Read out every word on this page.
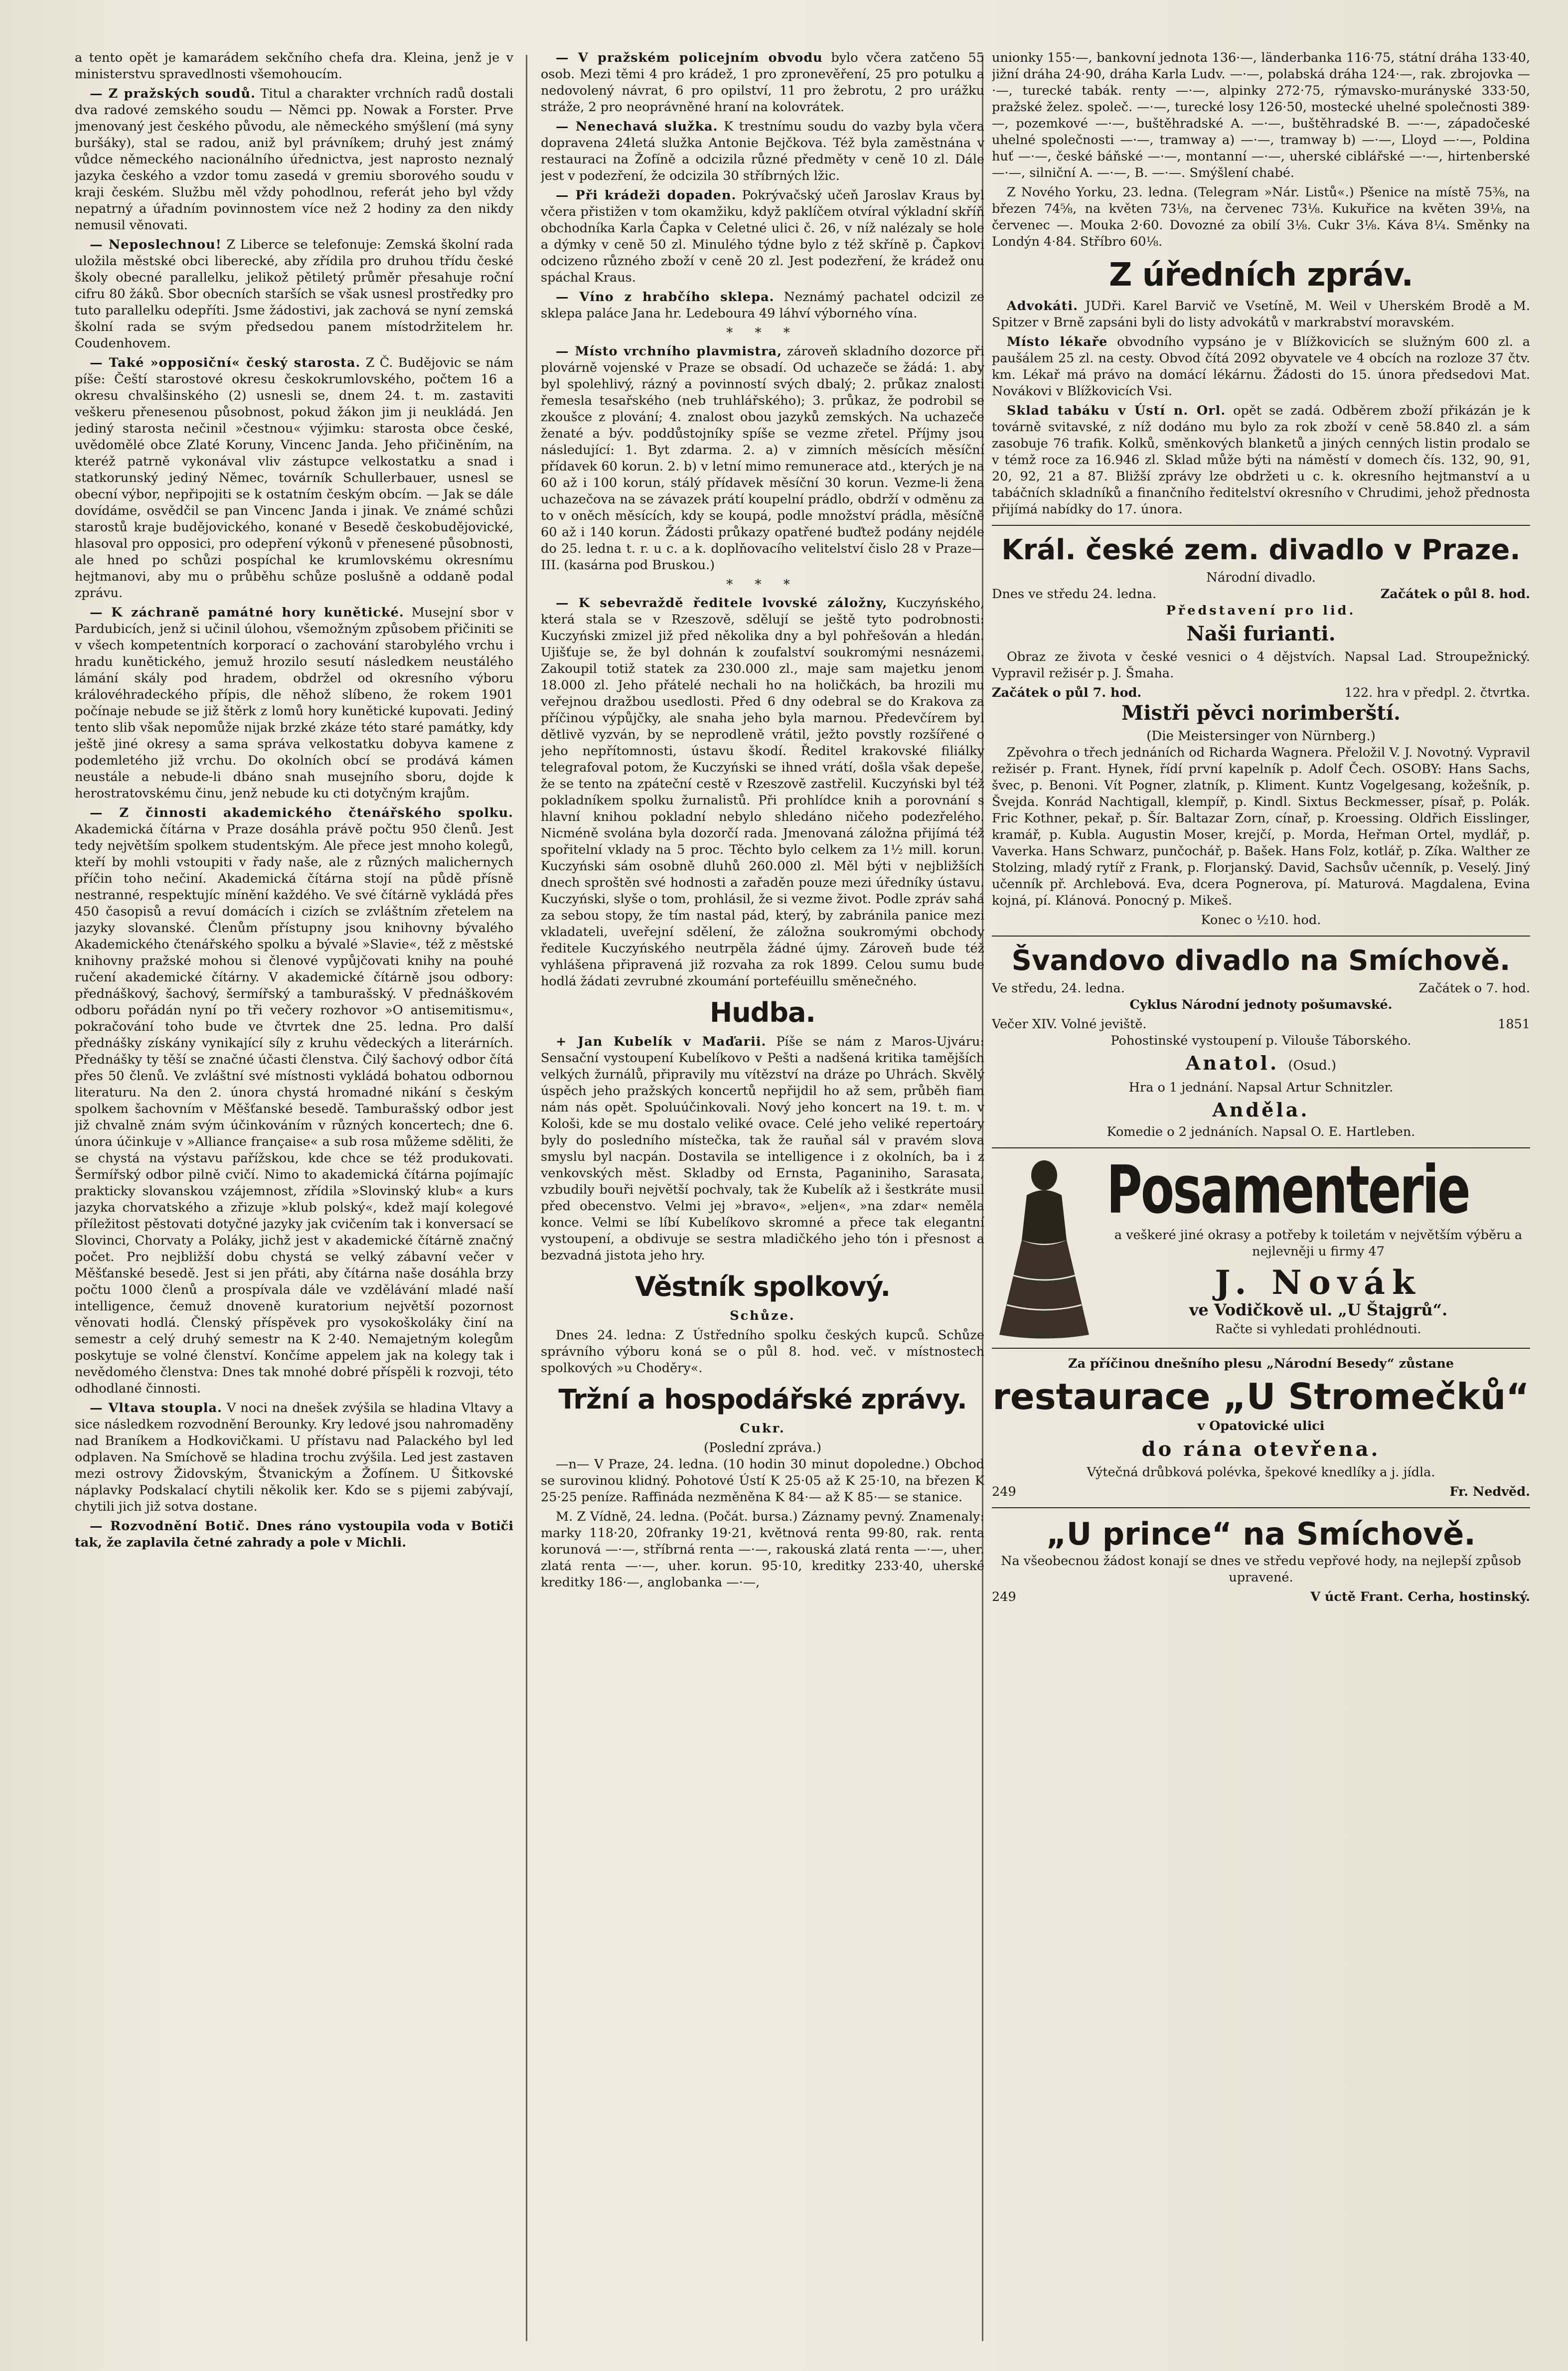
a tento opět je kamarádem sekčního chefa dra. Kleina, jenž je v ministerstvu spravedlnosti všemohoucím.

— Z pražských soudů. Titul a charakter vrchních radů dostali dva radové zemského soudu — Němci pp. Nowak a Forster. Prve jmenovaný jest českého původu, ale německého smýšlení (má syny buršáky), stal se radou, aniž byl právníkem; druhý jest známý vůdce německého nacionálního úřednictva, jest naprosto neznalý jazyka českého a vzdor tomu zasedá v gremiu sborového soudu v kraji českém. Službu měl vždy pohodlnou, referát jeho byl vždy nepatrný a úřadním povinnostem více než 2 hodiny za den nikdy nemusil věnovati.

— Neposlechnou! Z Liberce se telefonuje: Zemská školní rada uložila městské obci liberecké, aby zřídila pro druhou třídu české školy obecné parallelku, jelikož pětiletý průměr přesahuje roční cifru 80 žáků. Sbor obecních starších se však usnesl prostředky pro tuto parallelku odepříti. Jsme žádostivi, jak zachová se nyní zemská školní rada se svým předsedou panem místodržitelem hr. Coudenhovem.

— Také »opposiční« český starosta. Z Č. Budějovic se nám píše: Čeští starostové okresu českokrumlovského, počtem 16 a okresu chvalšinského (2) usnesli se, dnem 24. t. m. zastaviti veškeru přenesenou působnost, pokud žákon jim ji neukládá. Jen jediný starosta nečinil »čestnou« výjimku: starosta obce české, uvědomělé obce Zlaté Koruny, Vincenc Janda. Jeho přičiněním, na kteréž patrně vykonával vliv zástupce velkostatku a snad i statkorunský jediný Němec, továrník Schullerbauer, usnesl se obecní výbor, nepřipojiti se k ostatním českým obcím. — Jak se dále dovídáme, osvědčil se pan Vincenc Janda i jinak. Ve známé schůzi starostů kraje budějovického, konané v Besedě českobudějovické, hlasoval pro opposici, pro odepření výkonů v přenesené působnosti, ale hned po schůzi pospíchal ke krumlovskému okresnímu hejtmanovi, aby mu o průběhu schůze poslušně a oddaně podal zprávu.

— K záchraně památné hory kunětické. Musejní sbor v Pardubicích, jenž si učinil úlohou, všemožným způsobem přičiniti se v všech kompetentních korporací o zachování starobylého vrchu i hradu kunětického, jemuž hrozilo sesutí následkem neustálého lámání skály pod hradem, obdržel od okresního výboru královéhradeckého přípis, dle něhož slíbeno, že rokem 1901 počínaje nebude se již štěrk z lomů hory kunětické kupovati. Jediný tento slib však nepomůže nijak brzké zkáze této staré památky, kdy ještě jiné okresy a sama správa velkostatku dobyva kamene z podemletého již vrchu. Do okolních obcí se prodává kámen neustále a nebude-li dbáno snah musejního sboru, dojde k herostratovskému činu, jenž nebude ku cti dotyčným krajům.

— Z činnosti akademického čtenářského spolku. Akademická čítárna v Praze dosáhla právě počtu 950 členů. Jest tedy největším spolkem studentským. Ale přece jest mnoho kolegů, kteří by mohli vstoupiti v řady naše, ale z různých malichernych příčin toho nečiní. Akademická čítárna stojí na půdě přísně nestranné, respektujíc mínění každého. Ve své čítárně vykládá přes 450 časopisů a revuí domácích i cizích se zvláštním zřetelem na jazyky slovanské. Členům přístupny jsou knihovny bývalého Akademického čtenářského spolku a bývalé »Slavie«, též z městské knihovny pražské mohou si členové vypůjčovati knihy na pouhé ručení akademické čítárny. V akademické čítárně jsou odbory: přednáškový, šachový, šermířský a tamburašský. V přednáškovém odboru pořádán nyní po tři večery rozhovor »O antisemitismu«, pokračování toho bude ve čtvrtek dne 25. ledna. Pro další přednášky získány vynikající síly z kruhu vědeckých a literárních. Přednášky ty těší se značné účasti členstva. Čilý šachový odbor čítá přes 50 členů. Ve zvláštní své místnosti vykládá bohatou odbornou literaturu. Na den 2. února chystá hromadné nikání s českým spolkem šachovním v Měšťanské besedě. Tamburašský odbor jest již chvalně znám svým účinkováním v různých koncertech; dne 6. února účinkuje v »Alliance française« a sub rosa můžeme sděliti, že se chystá na výstavu pařížskou, kde chce se též produkovati. Šermířský odbor pilně cvičí. Nimo to akademická čítárna pojímajíc prakticky slovanskou vzájemnost, zřídila »Slovinský klub« a kurs jazyka chorvatského a zřizuje »klub polský«, kdež mají kolegové příležitost pěstovati dotyčné jazyky jak cvičením tak i konversací se Slovinci, Chorvaty a Poláky, jichž jest v akademické čítárně značný počet. Pro nejbližší dobu chystá se velký zábavní večer v Měšťanské besedě. Jest si jen přáti, aby čítárna naše dosáhla brzy počtu 1000 členů a prospívala dále ve vzdělávání mladé naší intelligence, čemuž dnoveně kuratorium největší pozornost věnovati hodlá. Členský příspěvek pro vysokoškoláky činí na semestr a celý druhý semestr na K 2·40. Nemajetným kolegům poskytuje se volné členství. Končíme appelem jak na kolegy tak i nevědomého členstva: Dnes tak mnohé dobré příspěli k rozvoji, této odhodlané činnosti.

— Vltava stoupla. V noci na dnešek zvýšila se hladina Vltavy a sice následkem rozvodnění Berounky. Kry ledové jsou nahromaděny nad Braníkem a Hodkovičkami. U přístavu nad Palackého byl led odplaven. Na Smíchově se hladina trochu zvýšila. Led jest zastaven mezi ostrovy Židovským, Štvanickým a Žofínem. U Šitkovské náplavky Podskalací chytili několik ker. Kdo se s pijemi zabývají, chytili jich již sotva dostane.

— Rozvodnění Botič. Dnes ráno vystoupila voda v Botiči tak, že zaplavila četné zahrady a pole v Michli.

— V pražském policejním obvodu bylo včera zatčeno 55 osob. Mezi těmi 4 pro krádež, 1 pro zpronevěření, 25 pro potulku a nedovolený návrat, 6 pro opilství, 11 pro žebrotu, 2 pro urážku stráže, 2 pro neoprávněné hraní na kolovrátek.

— Nenechavá služka. K trestnímu soudu do vazby byla včera dopravena 24letá služka Antonie Bejčkova. Též byla zaměstnána v restauraci na Žofíně a odcizila různé předměty v ceně 10 zl. Dále jest v podezření, že odcizila 30 stříbrných lžic.

— Při krádeži dopaden. Pokrývačský učeň Jaroslav Kraus byl včera přistižen v tom okamžiku, když paklíčem otvíral výkladní skříň obchodníka Karla Čapka v Celetné ulici č. 26, v níž nalézaly se hole a dýmky v ceně 50 zl. Minulého týdne bylo z též skříně p. Čapkovi odcizeno různého zboží v ceně 20 zl. Jest podezření, že krádež onu spáchal Kraus.

— Víno z hrabčího sklepa. Neznámý pachatel odcizil ze sklepa paláce Jana hr. Ledebourа 49 láhví výborného vína.

* * *

— Místo vrchního plavmistra, zároveň skladního dozorce při plovárně vojenské v Praze se obsadí. Od uchazeče se žádá: 1. aby byl spolehlivý, rázný a povinností svých dbalý; 2. průkaz znalosti řemesla tesařského (neb truhlářského); 3. průkaz, že podrobil se zkoušce z plování; 4. znalost obou jazyků zemských. Na uchazeče ženaté a býv. poddůstojníky spíše se vezme zřetel. Příjmy jsou následující: 1. Byt zdarma. 2. a) v zimních měsících měsíční přídavek 60 korun. 2. b) v letní mimo remunerace atd., kterých je na 60 až i 100 korun, stálý přídavek měsíční 30 korun. Vezme-li žena uchazečova na se závazek prátí koupelní prádlo, obdrží v odměnu za to v oněch měsících, kdy se koupá, podle množství prádla, měsíčně 60 až i 140 korun. Žádosti průkazy opatřené buďtež podány nejdéle do 25. ledna t. r. u c. a k. doplňovacího velitelství čislo 28 v Praze—III. (kasárna pod Bruskou.)

* * *

— K sebevraždě ředitele lvovské záložny, Kuczyńského, která stala se v Rzeszově, sdělují se ještě tyto podrobnosti: Kuczyński zmizel již před několika dny a byl pohřešován a hledán. Ujišťuje se, že byl dohnán k zoufalství soukromými nesnázemi. Zakoupil totiž statek za 230.000 zl., maje sam majetku jenom 18.000 zl. Jeho přátelé nechali ho na holičkách, ba hrozili mu veřejnou dražbou usedlosti. Před 6 dny odebral se do Krakova za příčinou výpůjčky, ale snaha jeho byla marnou. Předevčírem byl dětlivě vyzván, by se neprodleně vrátil, ježto povstly rozšířené o jeho nepřítomnosti, ústavu škodí. Ředitel krakovské filiálky telegrafoval potom, že Kuczyński se ihned vrátí, došla však depeše, že se tento na zpáteční cestě v Rzeszově zastřelil. Kuczyński byl též pokladníkem spolku žurnalistů. Při prohlídce knih a porovnání s hlavní knihou pokladní nebylo shledáno ničeho podezřelého. Nicméně svolána byla dozorčí rada. Jmenovaná záložna přijímá též spořitelní vklady na 5 proc. Těchto bylo celkem za 1½ mill. korun. Kuczyński sám osobně dluhů 260.000 zl. Měl býti v nejbližších dnech sproštěn své hodnosti a zařaděn pouze mezi úředníky ústavu. Kuczyński, slyše o tom, prohlásil, že si vezme život. Podle zpráv sahá za sebou stopy, že tím nastal pád, který, by zabránila panice mezi vkladateli, uveřejní sdělení, že záložna soukromými obchody ředitele Kuczyńského neutrpěla žádné újmy. Zároveň bude též vyhlášena připravená již rozvaha za rok 1899. Celou sumu bude hodlá žádati zevrubné zkoumání porteféuillu směnečného.

Hudba.

+ Jan Kubelík v Maďarii. Píše se nám z Maros-Ujváru: Sensační vystoupení Kubelíkovo v Pešti a nadšená kritika tamějších velkých žurnálů, připravily mu vítězství na dráze po Uhrách. Skvělý úspěch jeho pražských koncertů nepřijdil ho až sem, průběh fiam nám nás opět. Spoluúčinkovali. Nový jeho koncert na 19. t. m. v Kološi, kde se mu dostalo veliké ovace. Celé jeho veliké repertoáry byly do posledního místečka, tak že rauňal sál v pravém slova smyslu byl nacpán. Dostavila se intelligence i z okolních, ba i z venkovských měst. Skladby od Ernsta, Paganiniho, Sarasata, vzbudily bouři největší pochvaly, tak že Kubelík až i šestkráte musil před obecenstvo. Velmi jej »bravo«, »eljen«, »na zdar« neměla konce. Velmi se líbí Kubelíkovo skromné a přece tak elegantní vystoupení, a obdivuje se sestra mladičkého jeho tón i přesnost a bezvadná jistota jeho hry.

Věstník spolkový.

Schůze.

Dnes 24. ledna: Z Ústředního spolku českých kupců. Schůze správního výboru koná se o půl 8. hod. več. v místnostech spolkových »u Choděry«.

Tržní a hospodářské zprávy.

Cukr.

(Poslední zpráva.)

—n— V Praze, 24. ledna. (10 hodin 30 minut dopoledne.) Obchod se surovinou klidný. Pohotové Ústí K 25·05 až K 25·10, na březen K 25·25 peníze. Raffináda nezměněna K 84·— až K 85·— se stanice.

M. Z Vídně, 24. ledna. (Počát. bursa.) Záznamy pevný. Znamenaly: marky 118·20, 20franky 19·21, květnová renta 99·80, rak. renta korunová —·—, stříbrná renta —·—, rakouská zlatá renta —·—, uher. zlatá renta —·—, uher. korun. 95·10, kreditky 233·40, uherské kreditky 186·—, anglobanka —·—,

unionky 155·—, bankovní jednota 136·—, länderbanka 116·75, státní dráha 133·40, jižní dráha 24·90, dráha Karla Ludv. —·—, polabská dráha 124·—, rak. zbrojovka —·—, turecké tabák. renty —·—, alpinky 272·75, rýmavsko-murányské 333·50, pražské želez. společ. —·—, turecké losy 126·50, mostecké uhelné společnosti 389·—, pozemkové —·—, buštěhradské A. —·—, buštěhradské B. —·—, západočeské uhelné společnosti —·—, tramway a) —·—, tramway b) —·—, Lloyd —·—, Poldina huť —·—, české báňské —·—, montanní —·—, uherské ciblářské —·—, hirtenberské —·—, silniční A. —·—, B. —·—. Smýšlení chabé.

Z Nového Yorku, 23. ledna. (Telegram »Nár. Listů«.) Pšenice na místě 75⅜, na březen 74⅝, na květen 73⅛, na červenec 73⅛. Kukuřice na květen 39⅛, na červenec —. Mouka 2·60. Dovozné za obilí 3⅛. Cukr 3⅛. Káva 8¼. Směnky na Londýn 4·84. Stříbro 60⅛.

Z úředních zpráv.

Advokáti. JUDři. Karel Barvič ve Vsetíně, M. Weil v Uherském Brodě a M. Spitzer v Brně zapsáni byli do listy advokátů v markrabství moravském.

Místo lékaře obvodního vypsáno je v Blížkovicích se služným 600 zl. a paušálem 25 zl. na cesty. Obvod čítá 2092 obyvatele ve 4 obcích na rozloze 37 čtv. km. Lékař má právo na domácí lékárnu. Žádosti do 15. února předsedovi Mat. Novákovi v Blížkovicích Vsi.

Sklad tabáku v Ústí n. Orl. opět se zadá. Odběrem zboží přikázán je k továrně svitavské, z níž dodáno mu bylo za rok zboží v ceně 58.840 zl. a sám zasobuje 76 trafik. Kolků, směnkových blanketů a jiných cenných listin prodalo se v témž roce za 16.946 zl. Sklad může býti na náměstí v domech čís. 132, 90, 91, 20, 92, 21 a 87. Bližší zprávy lze obdržeti u c. k. okresního hejtmanství a u tabáčních skladníků a finančního ředitelství okresního v Chrudimi, jehož přednosta přijímá nabídky do 17. února.

Král. české zem. divadlo v Praze.

Národní divadlo.

Dnes ve středu 24. ledna.	Začátek o půl 8. hod.

Představení pro lid.

Naši furianti.

Obraz ze života v české vesnici o 4 dějstvích. Napsal Lad. Stroupežnický. Vypravil režisér p. J. Šmaha.

Začátek o půl 7. hod.	122. hra v předpl. 2. čtvrtka.

Mistři pěvci norimberští.

(Die Meistersinger von Nürnberg.)

Zpěvohra o třech jednáních od Richarda Wagnera. Přeložil V. J. Novotný. Vypravil režisér p. Frant. Hynek, řídí první kapelník p. Adolf Čech. OSOBY: Hans Sachs, švec, p. Benoni. Vít Pogner, zlatník, p. Kliment. Kuntz Vogelgesang, kožešník, p. Švejda. Konrád Nachtigall, klempíř, p. Kindl. Sixtus Beckmesser, písař, p. Polák. Fric Kothner, pekař, p. Šír. Baltazar Zorn, cínař, p. Kroessing. Oldřich Eisslinger, kramář, p. Kubla. Augustin Moser, krejčí, p. Morda, Heřman Ortel, mydlář, p. Vaverka. Hans Schwarz, punčochář, p. Bašek. Hans Folz, kotlář, p. Zíka. Walther ze Stolzing, mladý rytíř z Frank, p. Florjanský. David, Sachsův učenník, p. Veselý. Jiný učenník př. Archlebová. Eva, dcera Pognerova, pí. Maturová. Magdalena, Evina kojná, pí. Klánová. Ponocný p. Mikeš.

Konec o ½10. hod.

Švandovo divadlo na Smíchově.
Ve středu, 24. ledna.	Začátek o 7. hod.

Cyklus Národní jednoty pošumavské.

Večer XIV. Volné jeviště.	1851

Pohostinské vystoupení p. Viloušе Táborského.

Anatol. (Osud.)

Hra o 1 jednání. Napsal Artur Schnitzler.

Anděla.

Komedie o 2 jednáních. Napsal O. E. Hartleben.

Posamenterie

a veškeré jiné okrasy a potřeby k toiletám v největším výběru a nejlevněji u firmy 47

J. Novák

ve Vodičkově ul. „U Štajgrů“.

Račte si vyhledati prohlédnouti.

Za příčinou dnešního plesu „Národní Besedy“ zůstane

restaurace „U Stromečků“

v Opatovické ulici

do rána otevřena.

Výtečná drůbková polévka, špekové knedlíky a j. jídla.

249	Fr. Nedvěd.
„U prince“ na Smíchově.

Na všeobecnou žádost konají se dnes ve středu vepřové hody, na nejlepší způsob upravené.

249	V úctě Frant. Cerha, hostinský.
